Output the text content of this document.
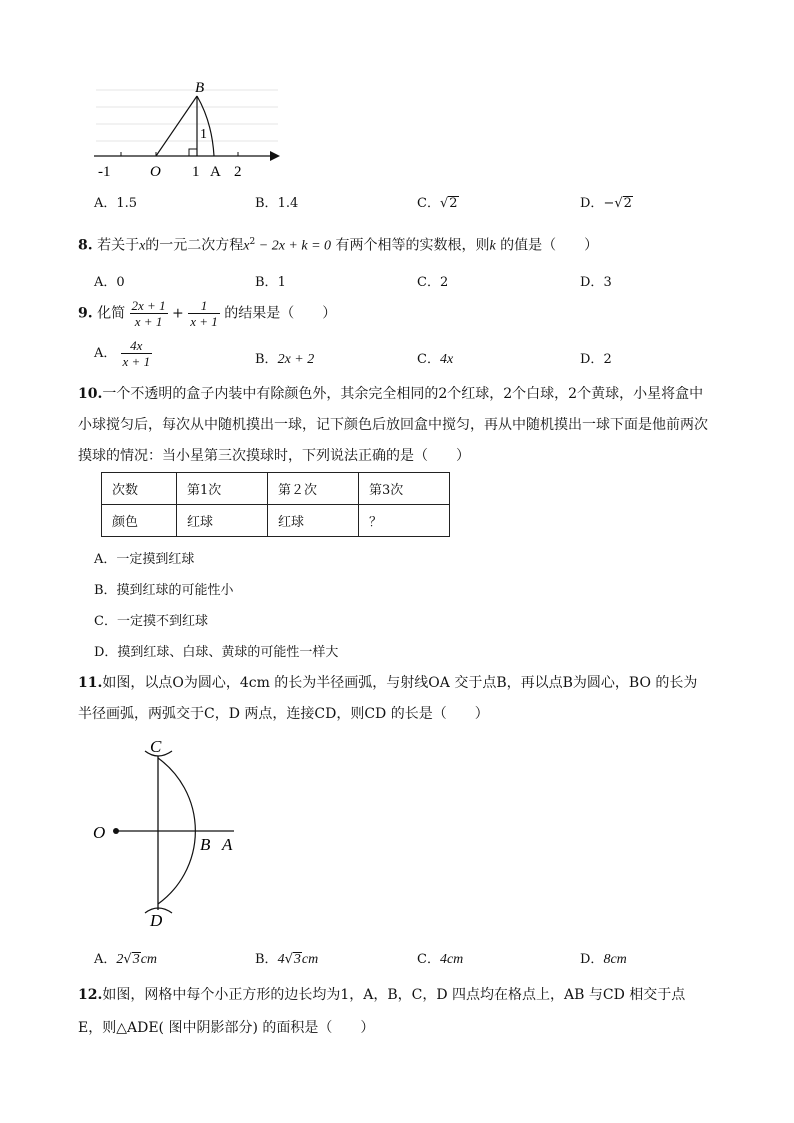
B
1
-1	O 1 A 2
A．1.5	B．1.4	C．√2	D．−√2
8. 若关于x的一元二次方程$x^2 - 2x + k = 0$ 有两个相等的实数根，则k 的值是（　　）
A．0	B．1	C．2	D．3
9. 化简 $\frac{2x + 1}{x + 1} + \frac{1}{x + 1}$ 的结果是（　　）
A． $\frac{4x}{x + 1}$	B．2x + 2	C．4x	D．2
10.一个不透明的盒子内装中有除颜色外，其余完全相同的2个红球，2个白球，2个黄球，小星将盒中
小球搅匀后，每次从中随机摸出一球，记下颜色后放回盒中搅匀，再从中随机摸出一球下面是他前两次
摸球的情况：当小星第三次摸球时，下列说法正确的是（　　）
次数	第1次	第２次	第3次
颜色	红球	红球	？
A．一定摸到红球
B．摸到红球的可能性小
C．一定摸不到红球
D．摸到红球、白球、黄球的可能性一样大
11.如图，以点O为圆心，4cm 的长为半径画弧，与射线OA 交于点B，再以点B为圆心，BO 的长为
半径画弧，两弧交于C，D 两点，连接CD，则CD 的长是（　　）
C
O
B A
D
A．2√3cm	B．4√3cm	C．4cm	D．8cm
12.如图，网格中每个小正方形的边长均为1，A，B，C，D 四点均在格点上，AB 与CD 相交于点
E，则△ADE( 图中阴影部分) 的面积是（　　）
